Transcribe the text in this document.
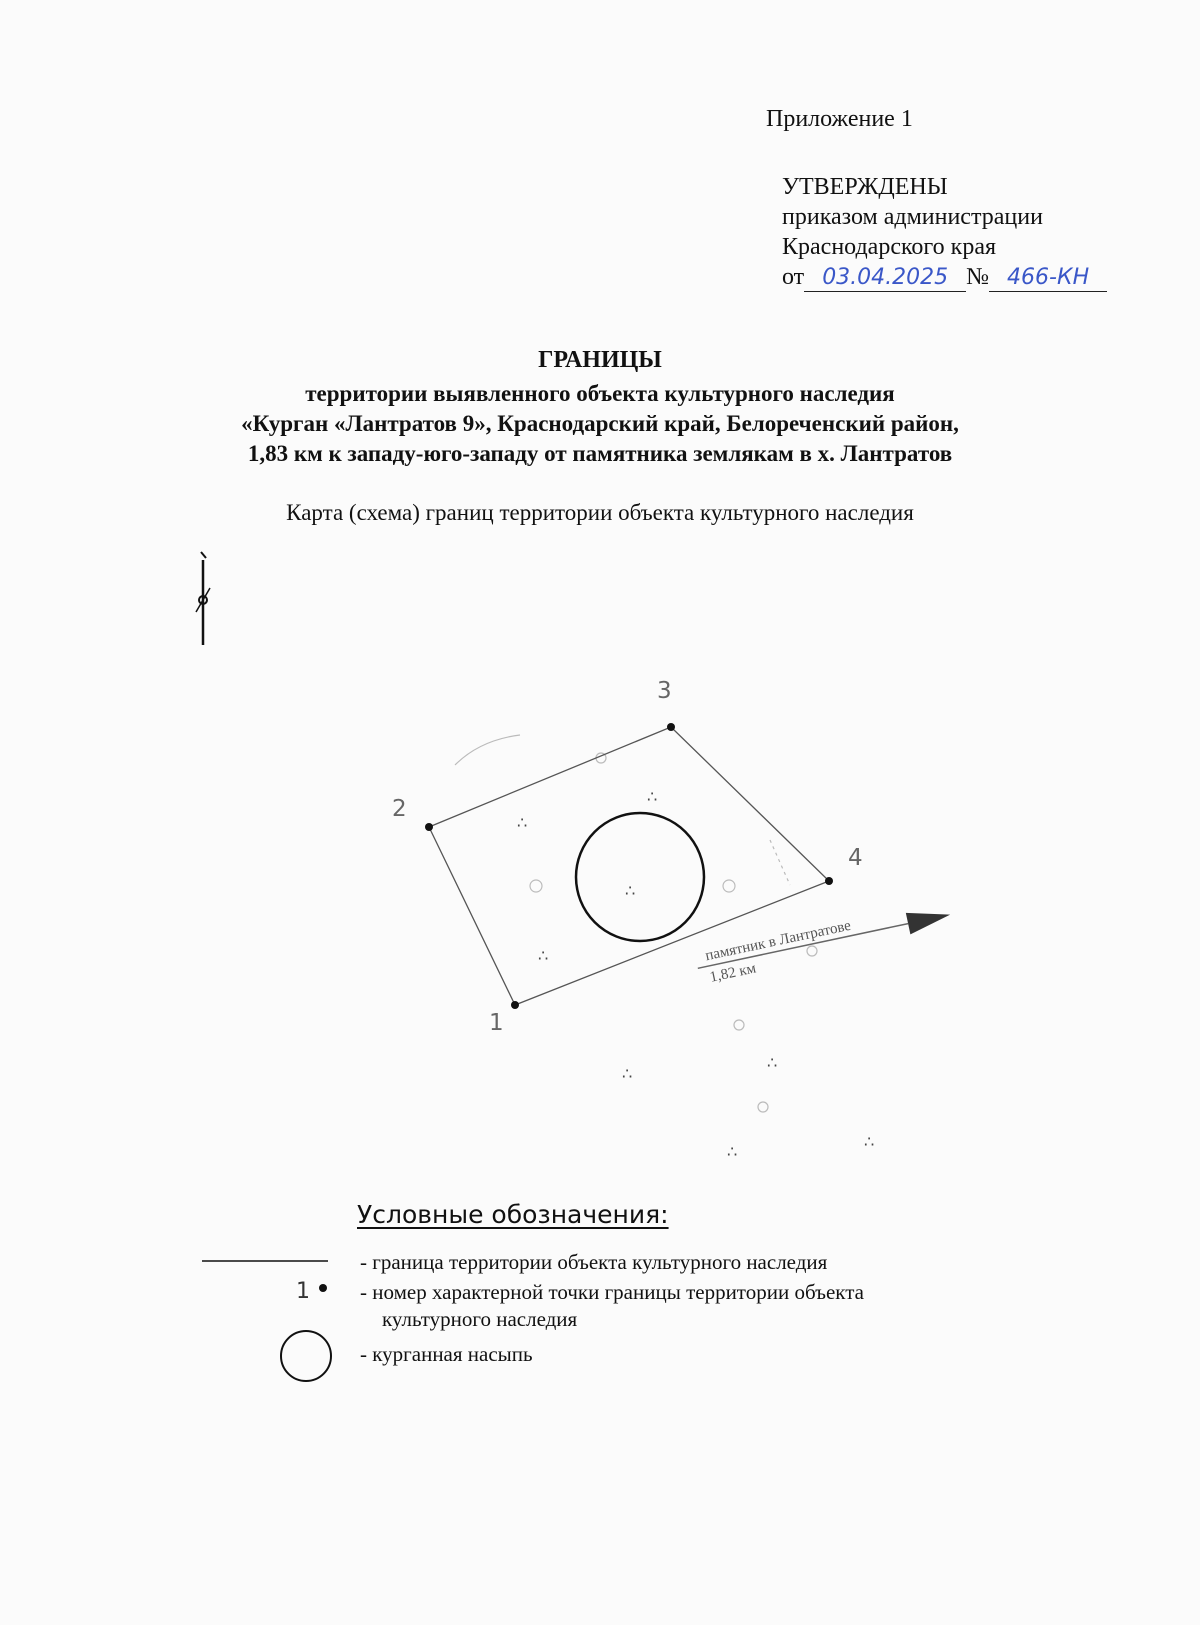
Приложение 1
УТВЕРЖДЕНЫ
приказом администрации
Краснодарского края
от 03.04.2025 № 466-КН
ГРАНИЦЫ
территории выявленного объекта культурного наследия
«Курган «Лантратов 9», Краснодарский край, Белореченский район,
1,83 км к западу-юго-западу от памятника землякам в х. Лантратов
Карта (схема) границ территории объекта культурного наследия
∴
∴
∴
∴
∴
∴
∴
∴
1
2
3
4
памятник в Лантратове
1,82 км
1
Условные обозначения:
- граница территории объекта культурного наследия
- номер характерной точки границы территории объекта
культурного наследия
- курганная насыпь
